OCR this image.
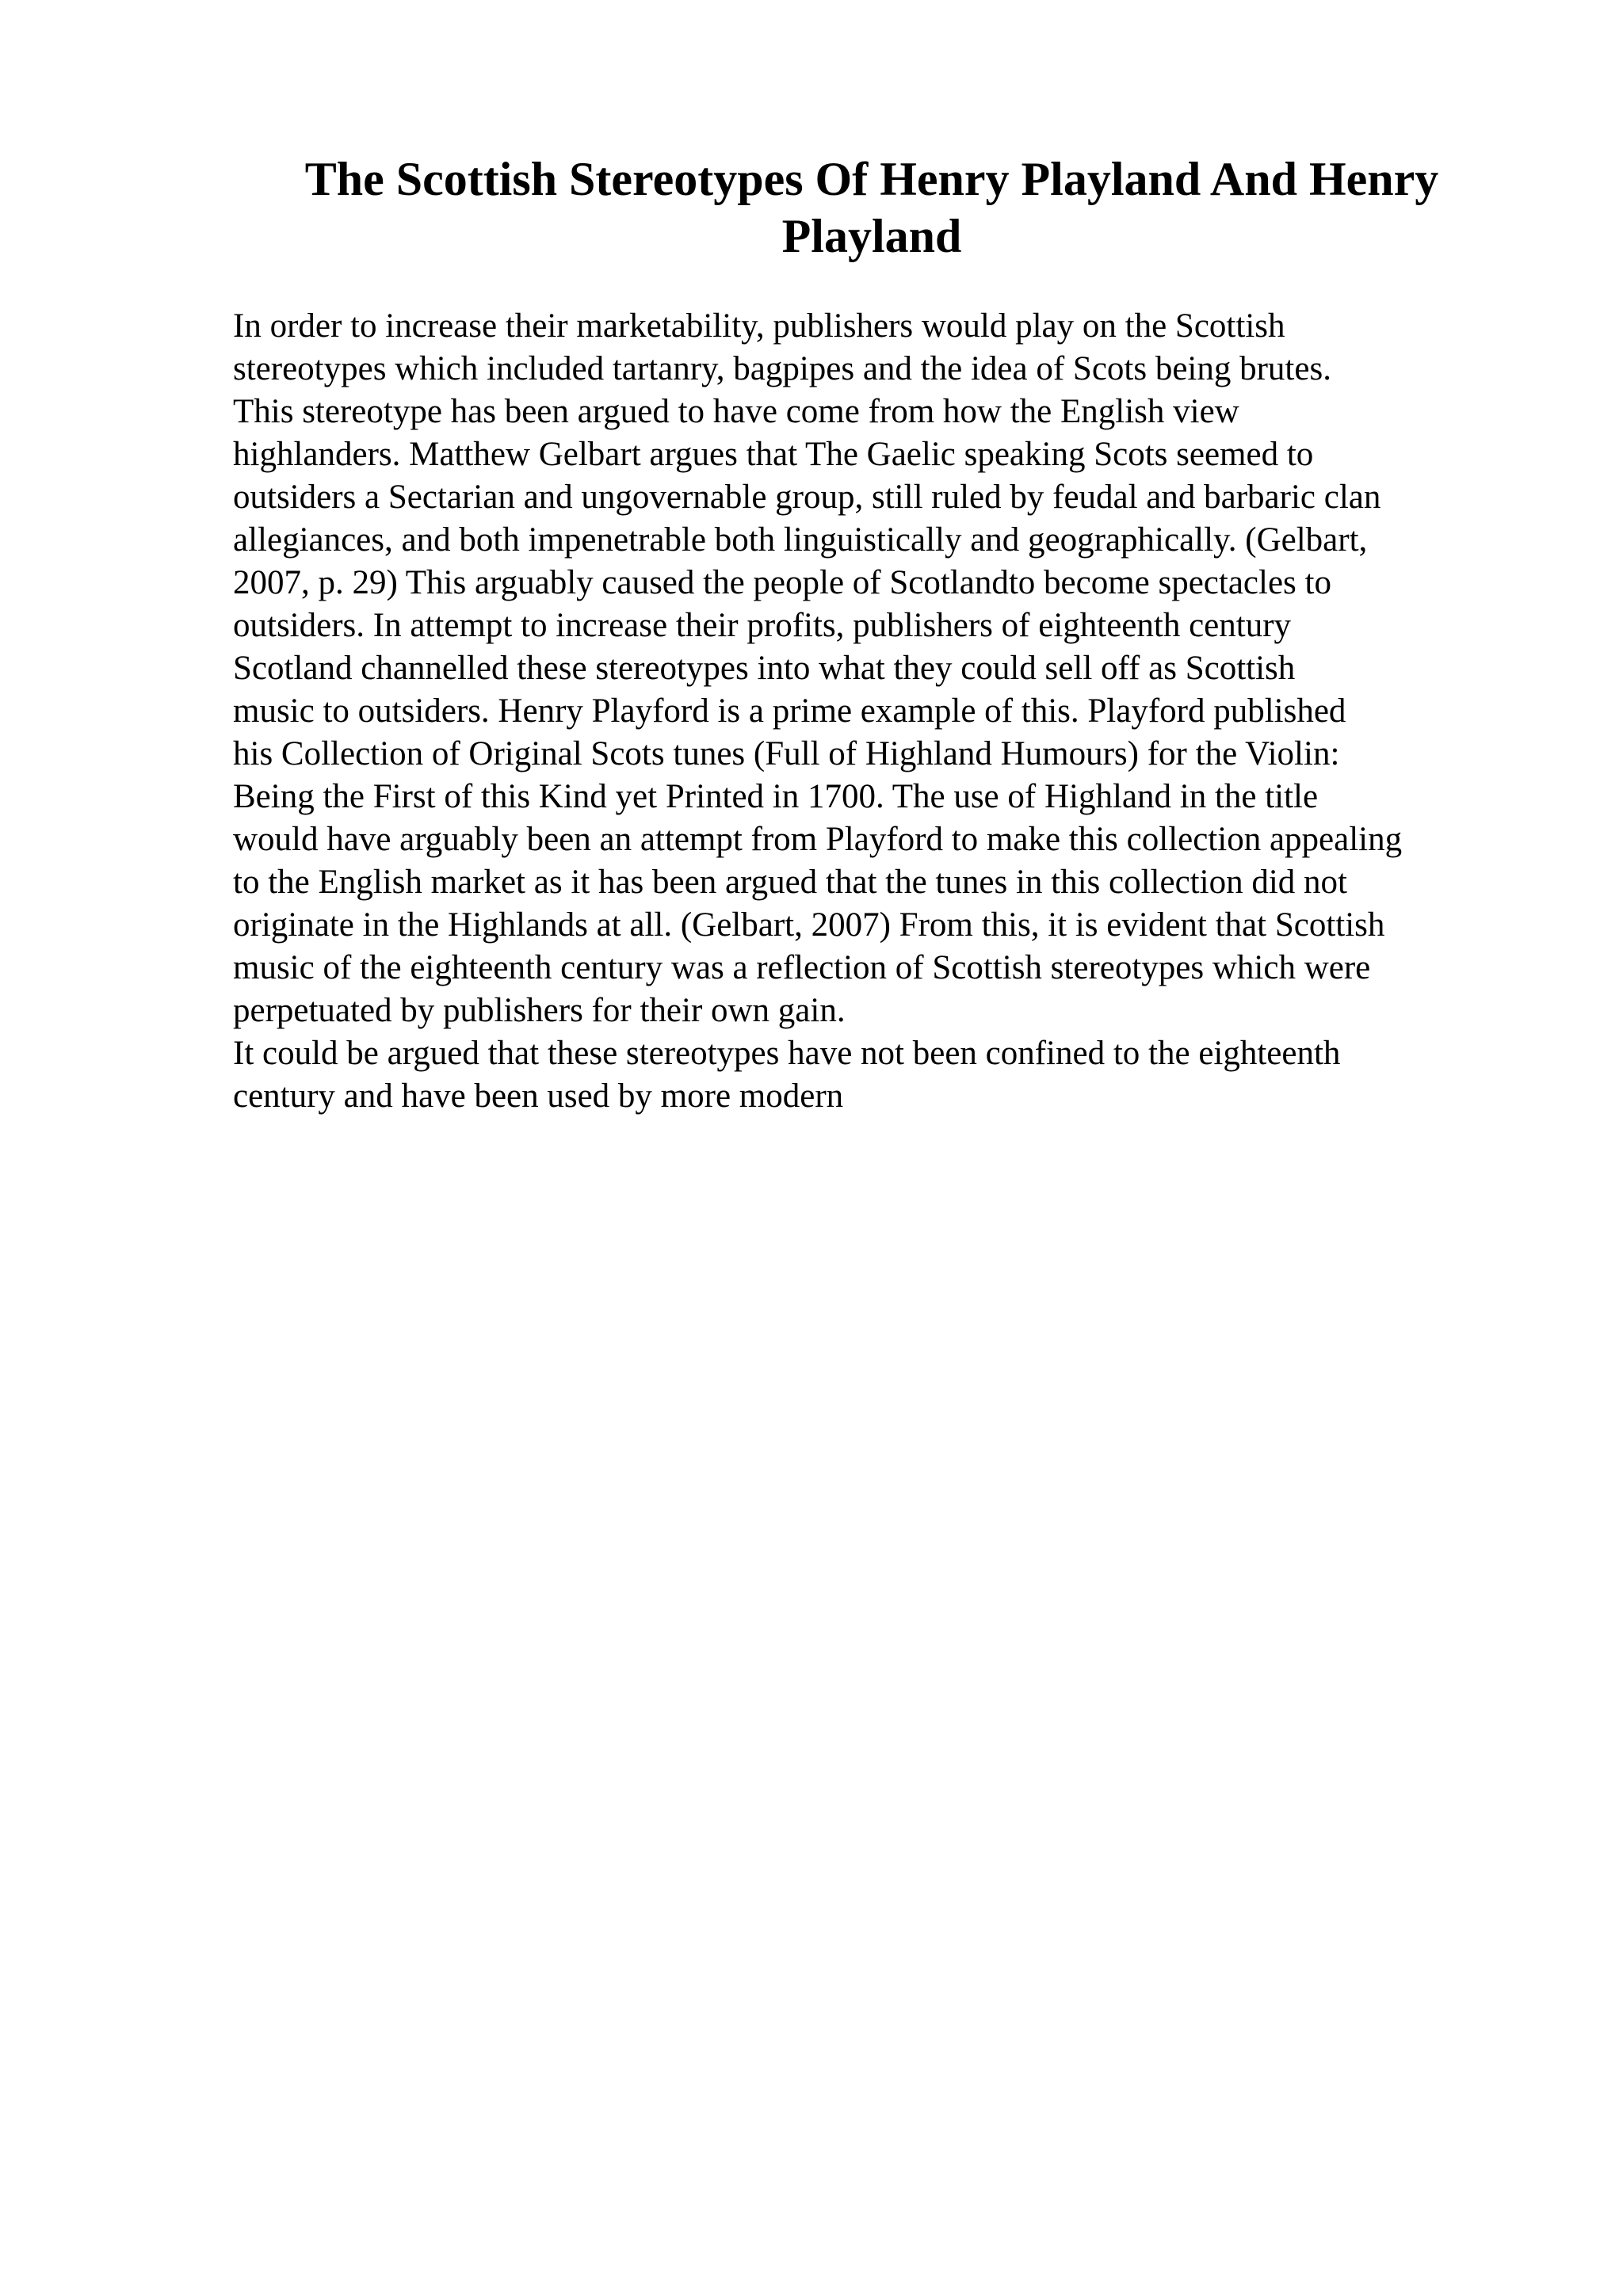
The Scottish Stereotypes Of Henry Playland And Henry
Playland
In order to increase their marketability, publishers would play on the Scottish
stereotypes which included tartanry, bagpipes and the idea of Scots being brutes.
This stereotype has been argued to have come from how the English view
highlanders. Matthew Gelbart argues that The Gaelic speaking Scots seemed to
outsiders a Sectarian and ungovernable group, still ruled by feudal and barbaric clan
allegiances, and both impenetrable both linguistically and geographically. (Gelbart,
2007, p. 29) This arguably caused the people of Scotlandto become spectacles to
outsiders. In attempt to increase their profits, publishers of eighteenth century
Scotland channelled these stereotypes into what they could sell off as Scottish
music to outsiders. Henry Playford is a prime example of this. Playford published
his Collection of Original Scots tunes (Full of Highland Humours) for the Violin:
Being the First of this Kind yet Printed in 1700. The use of Highland in the title
would have arguably been an attempt from Playford to make this collection appealing
to the English market as it has been argued that the tunes in this collection did not
originate in the Highlands at all. (Gelbart, 2007) From this, it is evident that Scottish
music of the eighteenth century was a reflection of Scottish stereotypes which were
perpetuated by publishers for their own gain.
It could be argued that these stereotypes have not been confined to the eighteenth
century and have been used by more modern
